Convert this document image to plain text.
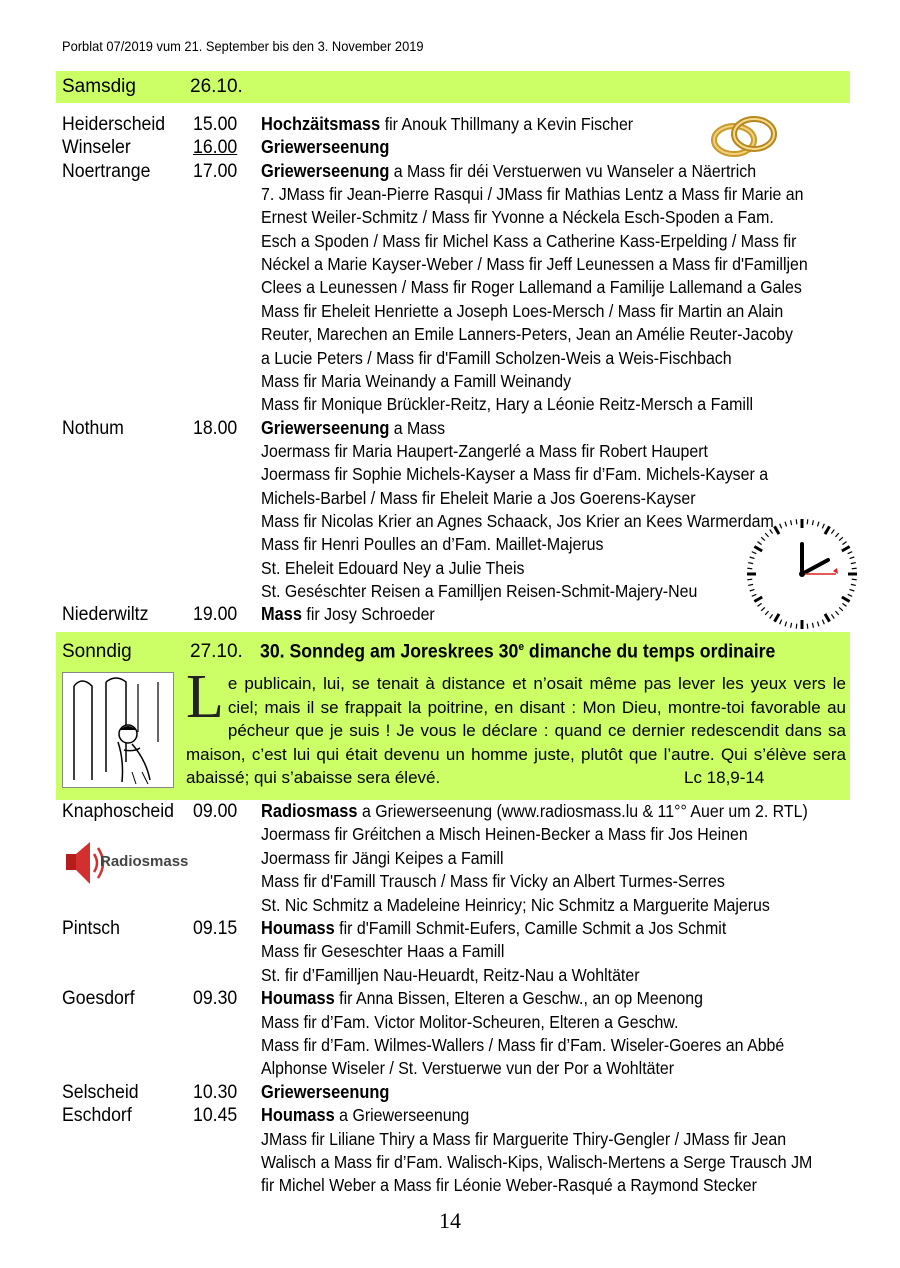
Porblat 07/2019 vum 21. September bis den 3. November 2019
Samsdig	26.10.
Heiderscheid 15.00 Hochzäitsmass fir Anouk Thillmany a Kevin Fischer
Winseler	16.00 Griewerseenung
Noertrange 17.00 Griewerseenung a Mass fir déi Verstuerwen vu Wanseler a Näertrich
7. JMass fir Jean-Pierre Rasqui / JMass fir Mathias Lentz a Mass fir Marie an
Ernest Weiler-Schmitz / Mass fir Yvonne a Néckela Esch-Spoden a Fam.
Esch a Spoden / Mass fir Michel Kass a Catherine Kass-Erpelding / Mass fir
Néckel a Marie Kayser-Weber / Mass fir Jeff Leunessen a Mass fir d'Familljen
Clees a Leunessen / Mass fir Roger Lallemand a Familije Lallemand a Gales
Mass fir Eheleit Henriette a Joseph Loes-Mersch / Mass fir Martin an Alain
Reuter, Marechen an Emile Lanners-Peters, Jean an Amélie Reuter-Jacoby
a Lucie Peters / Mass fir d'Famill Scholzen-Weis a Weis-Fischbach
Mass fir Maria Weinandy a Famill Weinandy
Mass fir Monique Brückler-Reitz, Hary a Léonie Reitz-Mersch a Famill
Nothum	18.00 Griewerseenung a Mass
Joermass fir Maria Haupert-Zangerlé a Mass fir Robert Haupert
Joermass fir Sophie Michels-Kayser a Mass fir d’Fam. Michels-Kayser a
Michels-Barbel / Mass fir Eheleit Marie a Jos Goerens-Kayser
Mass fir Nicolas Krier an Agnes Schaack, Jos Krier an Kees Warmerdam
Mass fir Henri Poulles an d’Fam. Maillet-Majerus
St. Eheleit Edouard Ney a Julie Theis
St. Geséschter Reisen a Familljen Reisen-Schmit-Majery-Neu
Niederwiltz 19.00 Mass fir Josy Schroeder
Sonndig	27.10. 30. Sonndeg am Joreskrees 30e dimanche du temps ordinaire
Le publicain, lui, se tenait à distance et n’osait même pas lever les yeux vers le ciel; mais il se frappait la poitrine, en disant : Mon Dieu, montre-toi favorable au pécheur que je suis ! Je vous le déclare : quand ce dernier redescendit dans sa maison, c’est lui qui était devenu un homme juste, plutôt que l’autre. Qui s’élève sera abaissé; qui s’abaisse sera élevé.	Lc 18,9-14
Knaphoscheid 09.00 Radiosmass a Griewerseenung (www.radiosmass.lu & 11°° Auer um 2. RTL)
Joermass fir Gréitchen a Misch Heinen-Becker a Mass fir Jos Heinen
Joermass fir Jängi Keipes a Famill
Mass fir d'Famill Trausch / Mass fir Vicky an Albert Turmes-Serres
St. Nic Schmitz a Madeleine Heinricy; Nic Schmitz a Marguerite Majerus
Pintsch	09.15 Houmass fir d'Famill Schmit-Eufers, Camille Schmit a Jos Schmit
Mass fir Geseschter Haas a Famill
St. fir d’Familljen Nau-Heuardt, Reitz-Nau a Wohltäter
Goesdorf	09.30 Houmass fir Anna Bissen, Elteren a Geschw., an op Meenong
Mass fir d’Fam. Victor Molitor-Scheuren, Elteren a Geschw.
Mass fir d’Fam. Wilmes-Wallers / Mass fir d’Fam. Wiseler-Goeres an Abbé
Alphonse Wiseler / St. Verstuerwe vun der Por a Wohltäter
Selscheid	10.30 Griewerseenung
Eschdorf	10.45 Houmass a Griewerseenung
JMass fir Liliane Thiry a Mass fir Marguerite Thiry-Gengler / JMass fir Jean
Walisch a Mass fir d’Fam. Walisch-Kips, Walisch-Mertens a Serge Trausch JM
fir Michel Weber a Mass fir Léonie Weber-Rasqué a Raymond Stecker
Radiosmass
14
